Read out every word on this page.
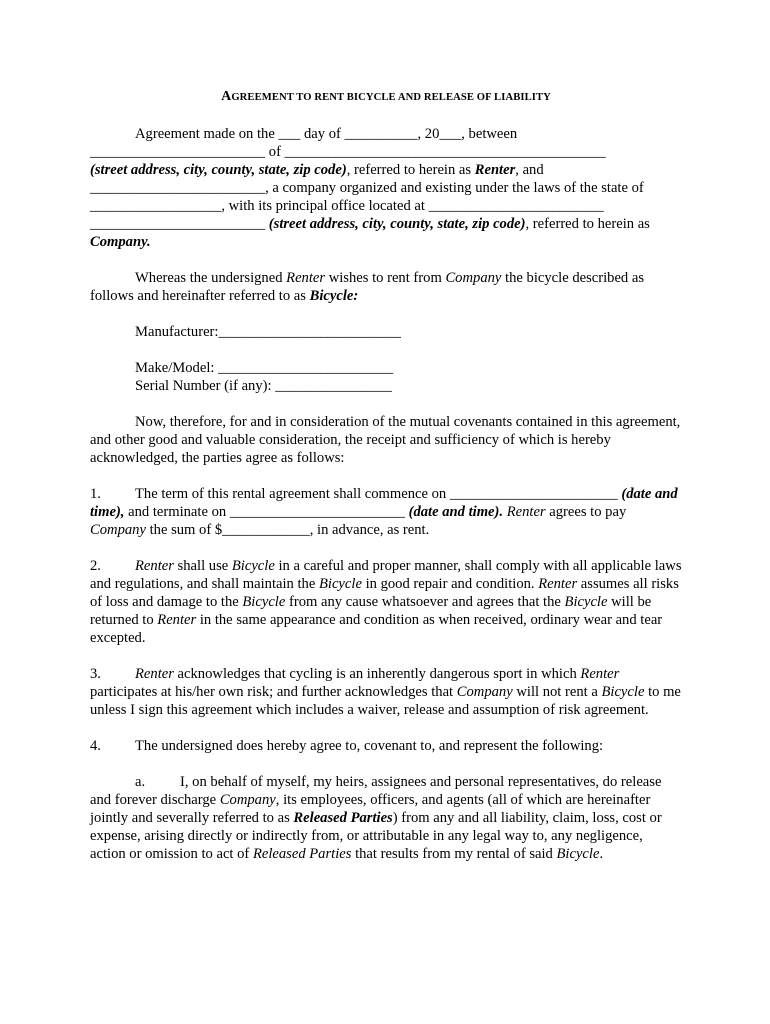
AGREEMENT TO RENT BICYCLE AND RELEASE OF LIABILITY

Agreement made on the ___ day of __________, 20___, between

________________________ of ____________________________________________

(street address, city, county, state, zip code), referred to herein as Renter, and

________________________, a company organized and existing under the laws of the state of

__________________, with its principal office located at ________________________

________________________ (street address, city, county, state, zip code), referred to herein as

Company.

Whereas the undersigned Renter wishes to rent from Company the bicycle described as follows and hereinafter referred to as Bicycle:

Manufacturer:_________________________

Make/Model: ________________________

Serial Number (if any): ________________

Now, therefore, for and in consideration of the mutual covenants contained in this agreement, and other good and valuable consideration, the receipt and sufficiency of which is hereby acknowledged, the parties agree as follows:

1. The term of this rental agreement shall commence on _______________________ (date and time), and terminate on ________________________ (date and time). Renter agrees to pay Company the sum of $____________, in advance, as rent.

2. Renter shall use Bicycle in a careful and proper manner, shall comply with all applicable laws and regulations, and shall maintain the Bicycle in good repair and condition. Renter assumes all risks of loss and damage to the Bicycle from any cause whatsoever and agrees that the Bicycle will be returned to Renter in the same appearance and condition as when received, ordinary wear and tear excepted.

3. Renter acknowledges that cycling is an inherently dangerous sport in which Renter participates at his/her own risk; and further acknowledges that Company will not rent a Bicycle to me unless I sign this agreement which includes a waiver, release and assumption of risk agreement.

4. The undersigned does hereby agree to, covenant to, and represent the following:

a. I, on behalf of myself, my heirs, assignees and personal representatives, do release and forever discharge Company, its employees, officers, and agents (all of which are hereinafter jointly and severally referred to as Released Parties) from any and all liability, claim, loss, cost or expense, arising directly or indirectly from, or attributable in any legal way to, any negligence, action or omission to act of Released Parties that results from my rental of said Bicycle.
